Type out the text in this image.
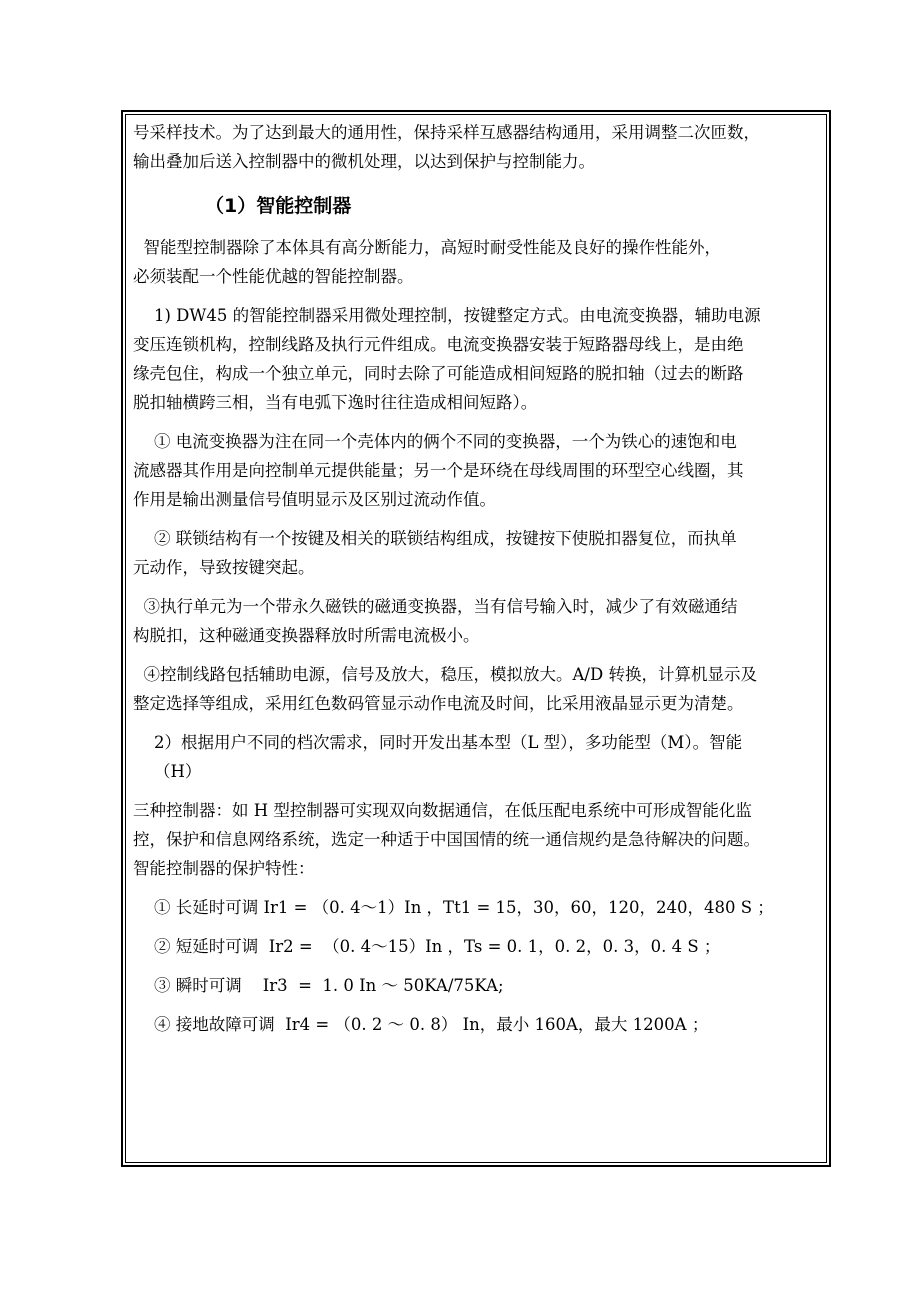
号采样技术。为了达到最大的通用性，保持采样互感器结构通用，采用调整二次匝数，

输出叠加后送入控制器中的微机处理，以达到保护与控制能力。

（1）智能控制器

智能型控制器除了本体具有高分断能力，高短时耐受性能及良好的操作性能外，

必须装配一个性能优越的智能控制器。

1) DW45 的智能控制器采用微处理控制，按键整定方式。由电流变换器，辅助电源

变压连锁机构，控制线路及执行元件组成。电流变换器安装于短路器母线上，是由绝

缘壳包住，构成一个独立单元，同时去除了可能造成相间短路的脱扣轴（过去的断路

脱扣轴横跨三相，当有电弧下逸时往往造成相间短路）。

① 电流变换器为注在同一个壳体内的俩个不同的变换器，一个为铁心的速饱和电

流感器其作用是向控制单元提供能量；另一个是环绕在母线周围的环型空心线圈，其

作用是输出测量信号值明显示及区别过流动作值。

② 联锁结构有一个按键及相关的联锁结构组成，按键按下使脱扣器复位，而执单

元动作，导致按键突起。

③执行单元为一个带永久磁铁的磁通变换器，当有信号输入时，减少了有效磁通结

构脱扣，这种磁通变换器释放时所需电流极小。

④控制线路包括辅助电源，信号及放大，稳压，模拟放大。A/D 转换，计算机显示及

整定选择等组成，采用红色数码管显示动作电流及时间，比采用液晶显示更为清楚。

2）根据用户不同的档次需求，同时开发出基本型（L 型），多功能型（M）。智能

（H）

三种控制器：如 H 型控制器可实现双向数据通信，在低压配电系统中可形成智能化监

控，保护和信息网络系统，选定一种适于中国国情的统一通信规约是急待解决的问题。

智能控制器的保护特性：

① 长延时可调 Ir1 = （0. 4～1）In ，Tt1 = 15，30，60，120，240，480 S ；

② 短延时可调  Ir2 =  （0. 4～15）In ，Ts = 0. 1，0. 2，0. 3，0. 4 S ；

③ 瞬时可调    Ir3  =  1. 0 In ～ 50KA/75KA;

④ 接地故障可调  Ir4 = （0. 2 ～ 0. 8） In，最小 160A，最大 1200A ；
